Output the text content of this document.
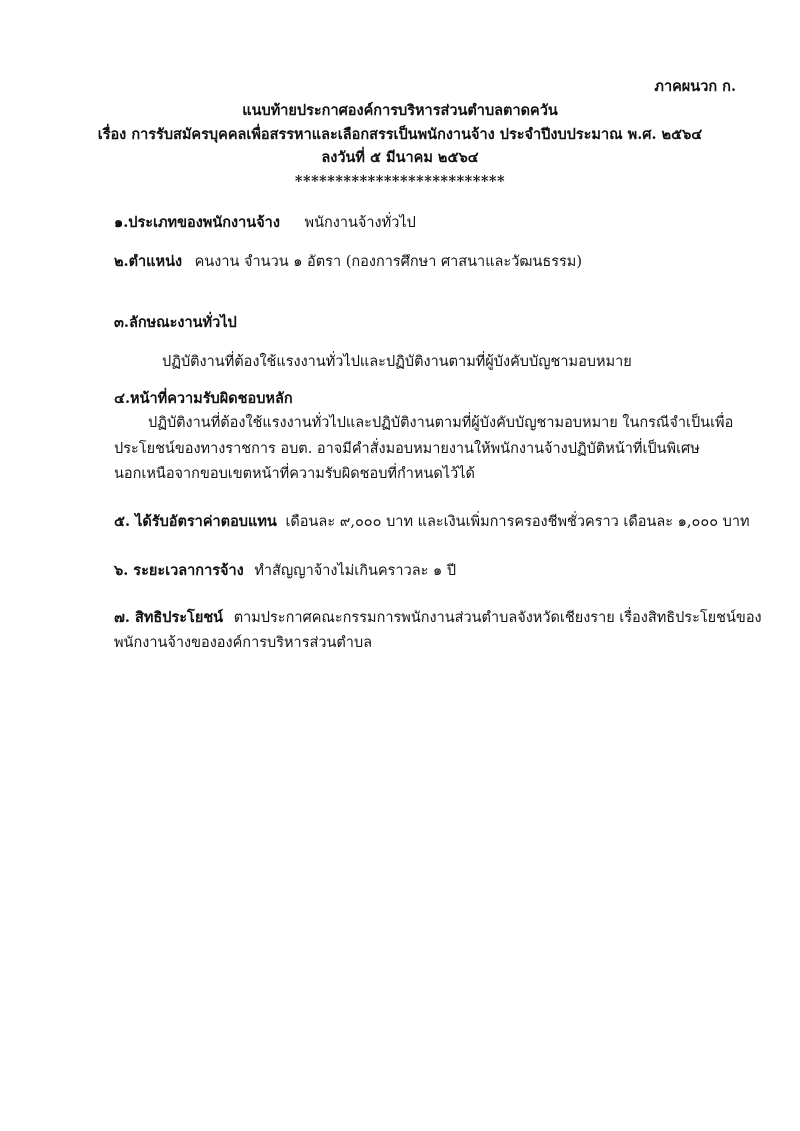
ภาคผนวก ก.
แนบท้ายประกาศองค์การบริหารส่วนตำบลตาดควัน
เรื่อง การรับสมัครบุคคลเพื่อสรรหาและเลือกสรรเป็นพนักงานจ้าง ประจำปีงบประมาณ พ.ศ. ๒๕๖๔
ลงวันที่ ๕ มีนาคม ๒๕๖๔
**************************
๑.ประเภทของพนักงานจ้าง พนักงานจ้างทั่วไป
๒.ตำแหน่ง คนงาน จำนวน ๑ อัตรา (กองการศึกษา ศาสนาและวัฒนธรรม)
๓.ลักษณะงานทั่วไป
ปฏิบัติงานที่ต้องใช้แรงงานทั่วไปและปฏิบัติงานตามที่ผู้บังคับบัญชามอบหมาย
๔.หน้าที่ความรับผิดชอบหลัก
ปฏิบัติงานที่ต้องใช้แรงงานทั่วไปและปฏิบัติงานตามที่ผู้บังคับบัญชามอบหมาย ในกรณีจำเป็นเพื่อ
ประโยชน์ของทางราชการ อบต. อาจมีคำสั่งมอบหมายงานให้พนักงานจ้างปฏิบัติหน้าที่เป็นพิเศษ
นอกเหนือจากขอบเขตหน้าที่ความรับผิดชอบที่กำหนดไว้ได้
๕. ได้รับอัตราค่าตอบแทน เดือนละ ๙,๐๐๐ บาท และเงินเพิ่มการครองชีพชั่วคราว เดือนละ ๑,๐๐๐ บาท
๖. ระยะเวลาการจ้าง ทำสัญญาจ้างไม่เกินคราวละ ๑ ปี
๗. สิทธิประโยชน์ ตามประกาศคณะกรรมการพนักงานส่วนตำบลจังหวัดเชียงราย เรื่องสิทธิประโยชน์ของ
พนักงานจ้างขององค์การบริหารส่วนตำบล
